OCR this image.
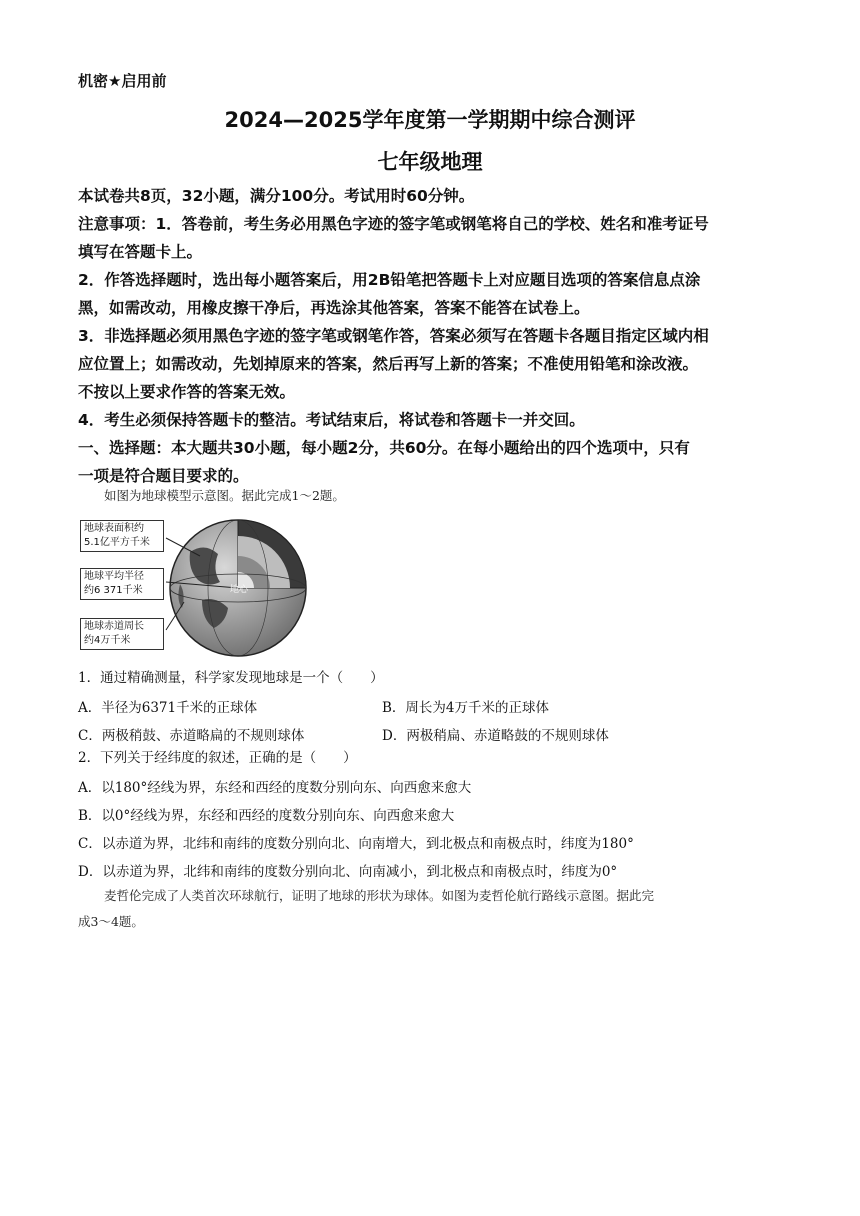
机密★启用前
2024—2025学年度第一学期期中综合测评
七年级地理
本试卷共8页，32小题，满分100分。考试用时60分钟。
注意事项：1．答卷前，考生务必用黑色字迹的签字笔或钢笔将自己的学校、姓名和准考证号
填写在答题卡上。
2．作答选择题时，选出每小题答案后，用2B铅笔把答题卡上对应题目选项的答案信息点涂
黑，如需改动，用橡皮擦干净后，再选涂其他答案，答案不能答在试卷上。
3．非选择题必须用黑色字迹的签字笔或钢笔作答，答案必须写在答题卡各题目指定区域内相
应位置上；如需改动，先划掉原来的答案，然后再写上新的答案；不准使用铅笔和涂改液。
不按以上要求作答的答案无效。
4．考生必须保持答题卡的整洁。考试结束后，将试卷和答题卡一并交回。
一、选择题：本大题共30小题，每小题2分，共60分。在每小题给出的四个选项中，只有
一项是符合题目要求的。
如图为地球模型示意图。据此完成1～2题。
地球表面积约
5.1亿平方千米
地球平均半径
约6 371千米
地球赤道周长
约4万千米
地心
1．通过精确测量，科学家发现地球是一个（　　）
A．半径为6371千米的正球体	B．周长为4万千米的正球体
C．两极稍鼓、赤道略扁的不规则球体	D．两极稍扁、赤道略鼓的不规则球体
2．下列关于经纬度的叙述，正确的是（　　）
A．以180°经线为界，东经和西经的度数分别向东、向西愈来愈大
B．以0°经线为界，东经和西经的度数分别向东、向西愈来愈大
C．以赤道为界，北纬和南纬的度数分别向北、向南增大，到北极点和南极点时，纬度为180°
D．以赤道为界，北纬和南纬的度数分别向北、向南减小，到北极点和南极点时，纬度为0°
麦哲伦完成了人类首次环球航行，证明了地球的形状为球体。如图为麦哲伦航行路线示意图。据此完
成3～4题。
